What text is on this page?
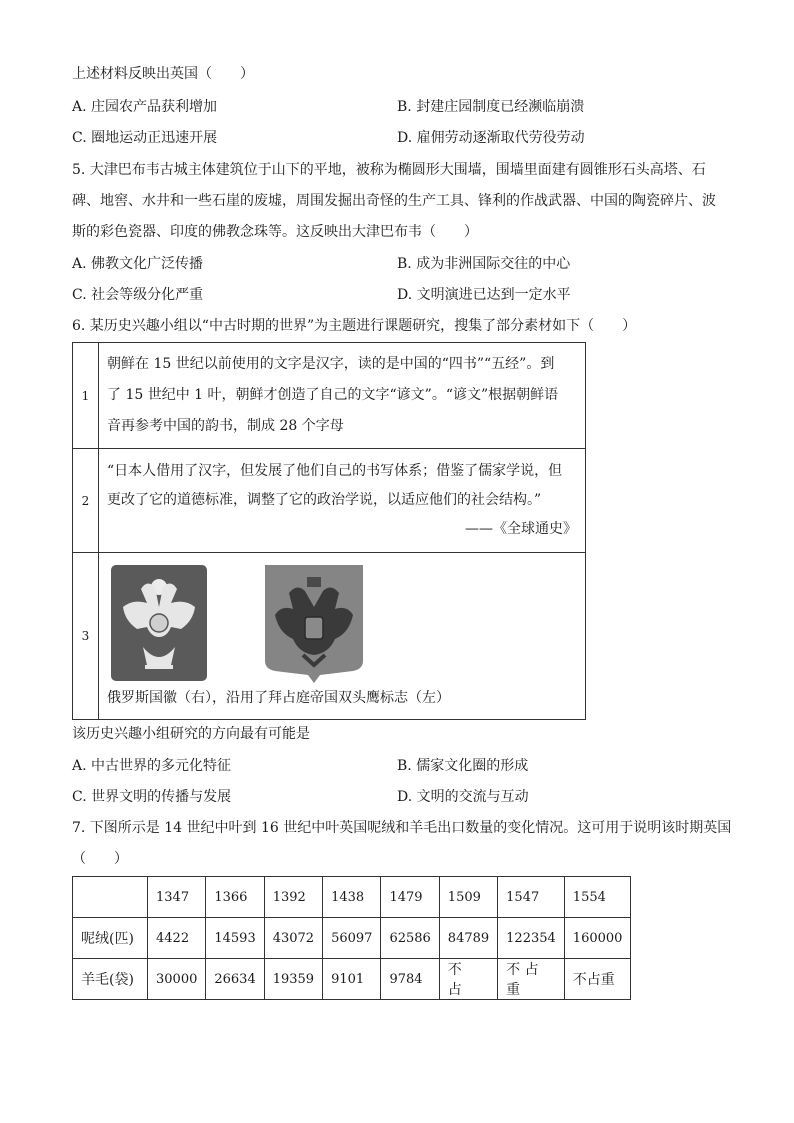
上述材料反映出英国（　　）
A. 庄园农产品获利增加	B. 封建庄园制度已经濒临崩溃
C. 圈地运动正迅速开展	D. 雇佣劳动逐渐取代劳役劳动
5. 大津巴布韦古城主体建筑位于山下的平地，被称为椭圆形大围墙，围墙里面建有圆锥形石头高塔、石
碑、地窖、水井和一些石崖的废墟，周围发掘出奇怪的生产工具、锋利的作战武器、中国的陶瓷碎片、波
斯的彩色瓷器、印度的佛教念珠等。这反映出大津巴布韦（　　）
A. 佛教文化广泛传播	B. 成为非洲国际交往的中心
C. 社会等级分化严重	D. 文明演进已达到一定水平
6. 某历史兴趣小组以“中古时期的世界”为主题进行课题研究，搜集了部分素材如下（　　）
1	朝鲜在 15 世纪以前使用的文字是汉字，读的是中国的“四书”“五经”。到
了 15 世纪中 1 叶，朝鲜才创造了自己的文字“谚文”。“谚文”根据朝鲜语
音再参考中国的韵书，制成 28 个字母

2	“日本人借用了汉字，但发展了他们自己的书写体系；借鉴了儒家学说，但
更改了它的道德标准，调整了它的政治学说，以适应他们的社会结构。”
——《全球通史》

3	俄罗斯国徽（右），沿用了拜占庭帝国双头鹰标志（左）
该历史兴趣小组研究的方向最有可能是
A. 中古世界的多元化特征	B. 儒家文化圈的形成
C. 世界文明的传播与发展	D. 文明的交流与互动
7. 下图所示是 14 世纪中叶到 16 世纪中叶英国呢绒和羊毛出口数量的变化情况。这可用于说明该时期英国
（　　）
	1347	1366	1392	1438	1479	1509	1547	1554
呢绒(匹)	4422	14593	43072	56097	62586	84789	122354	160000
羊毛(袋)	30000	26634	19359	9101	9784	不　占	不 占 重	不占重
